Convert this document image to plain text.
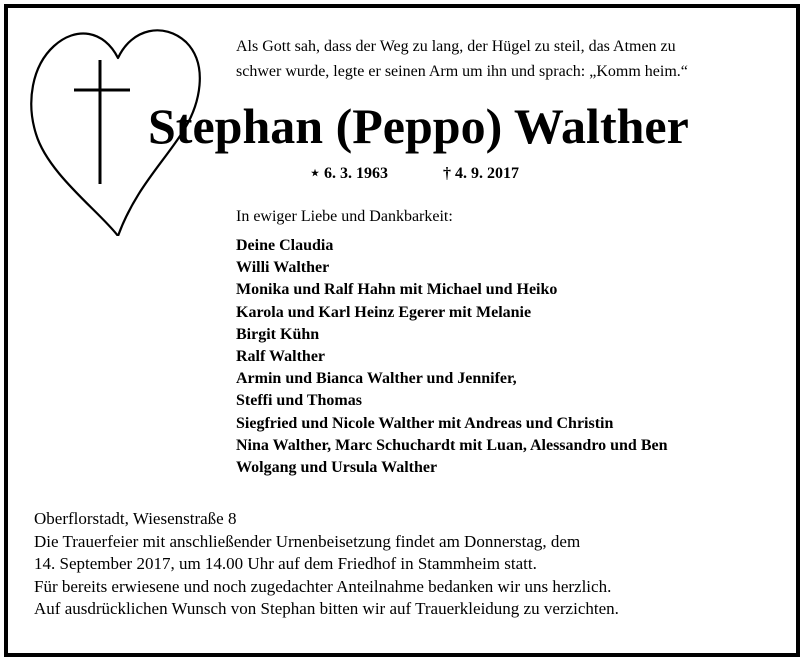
Als Gott sah, dass der Weg zu lang, der Hügel zu steil, das Atmen zu
schwer wurde, legte er seinen Arm um ihn und sprach: „Komm heim.“
Stephan (Peppo) Walther
⋆ 6. 3. 1963	† 4. 9. 2017
In ewiger Liebe und Dankbarkeit:
Deine Claudia
Willi Walther
Monika und Ralf Hahn mit Michael und Heiko
Karola und Karl Heinz Egerer mit Melanie
Birgit Kühn
Ralf Walther
Armin und Bianca Walther und Jennifer,
Steffi und Thomas
Siegfried und Nicole Walther mit Andreas und Christin
Nina Walther, Marc Schuchardt mit Luan, Alessandro und Ben
Wolgang und Ursula Walther
Oberflorstadt, Wiesenstraße 8
Die Trauerfeier mit anschließender Urnenbeisetzung findet am Donnerstag, dem
14. September 2017, um 14.00 Uhr auf dem Friedhof in Stammheim statt.
Für bereits erwiesene und noch zugedachter Anteilnahme bedanken wir uns herzlich.
Auf ausdrücklichen Wunsch von Stephan bitten wir auf Trauerkleidung zu verzichten.
